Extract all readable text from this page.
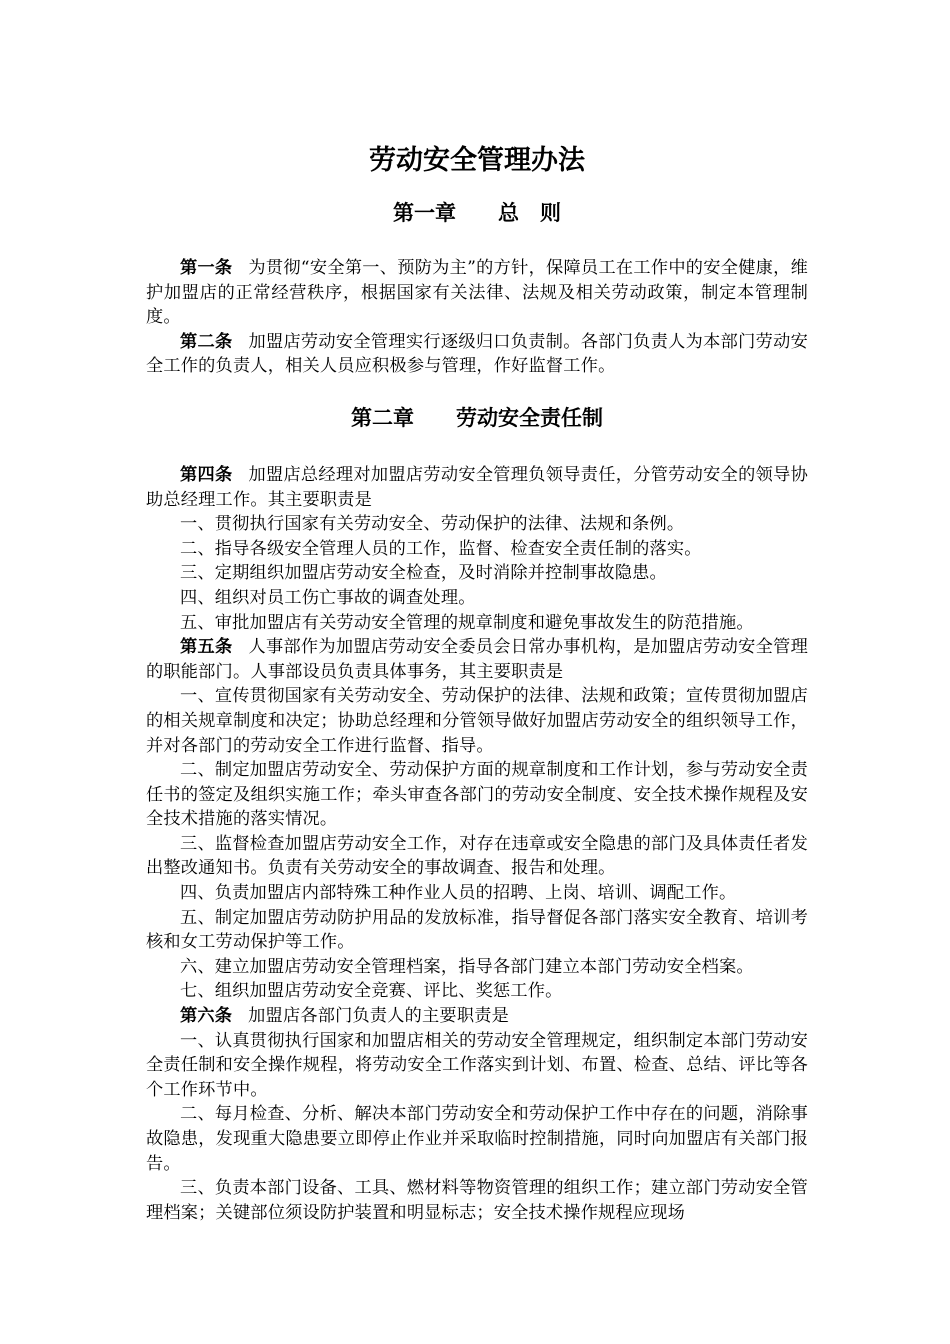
劳动安全管理办法
第一章 总　则

第一条 为贯彻“安全第一、预防为主”的方针，保障员工在工作中的安全健康，维护加盟店的正常经营秩序，根据国家有关法律、法规及相关劳动政策，制定本管理制度。

第二条 加盟店劳动安全管理实行逐级归口负责制。各部门负责人为本部门劳动安全工作的负责人，相关人员应积极参与管理，作好监督工作。

第二章 劳动安全责任制

第四条 加盟店总经理对加盟店劳动安全管理负领导责任，分管劳动安全的领导协助总经理工作。其主要职责是

一、贯彻执行国家有关劳动安全、劳动保护的法律、法规和条例。

二、指导各级安全管理人员的工作，监督、检查安全责任制的落实。

三、定期组织加盟店劳动安全检查，及时消除并控制事故隐患。

四、组织对员工伤亡事故的调查处理。

五、审批加盟店有关劳动安全管理的规章制度和避免事故发生的防范措施。

第五条 人事部作为加盟店劳动安全委员会日常办事机构，是加盟店劳动安全管理的职能部门。人事部设员负责具体事务，其主要职责是

一、宣传贯彻国家有关劳动安全、劳动保护的法律、法规和政策；宣传贯彻加盟店的相关规章制度和决定；协助总经理和分管领导做好加盟店劳动安全的组织领导工作，并对各部门的劳动安全工作进行监督、指导。

二、制定加盟店劳动安全、劳动保护方面的规章制度和工作计划，参与劳动安全责任书的签定及组织实施工作；牵头审查各部门的劳动安全制度、安全技术操作规程及安全技术措施的落实情况。

三、监督检查加盟店劳动安全工作，对存在违章或安全隐患的部门及具体责任者发出整改通知书。负责有关劳动安全的事故调查、报告和处理。

四、负责加盟店内部特殊工种作业人员的招聘、上岗、培训、调配工作。

五、制定加盟店劳动防护用品的发放标准，指导督促各部门落实安全教育、培训考核和女工劳动保护等工作。

六、建立加盟店劳动安全管理档案，指导各部门建立本部门劳动安全档案。

七、组织加盟店劳动安全竞赛、评比、奖惩工作。

第六条 加盟店各部门负责人的主要职责是

一、认真贯彻执行国家和加盟店相关的劳动安全管理规定，组织制定本部门劳动安全责任制和安全操作规程，将劳动安全工作落实到计划、布置、检查、总结、评比等各个工作环节中。

二、每月检查、分析、解决本部门劳动安全和劳动保护工作中存在的问题，消除事故隐患，发现重大隐患要立即停止作业并采取临时控制措施，同时向加盟店有关部门报告。

三、负责本部门设备、工具、燃材料等物资管理的组织工作；建立部门劳动安全管理档案；关键部位须设防护装置和明显标志；安全技术操作规程应现场
